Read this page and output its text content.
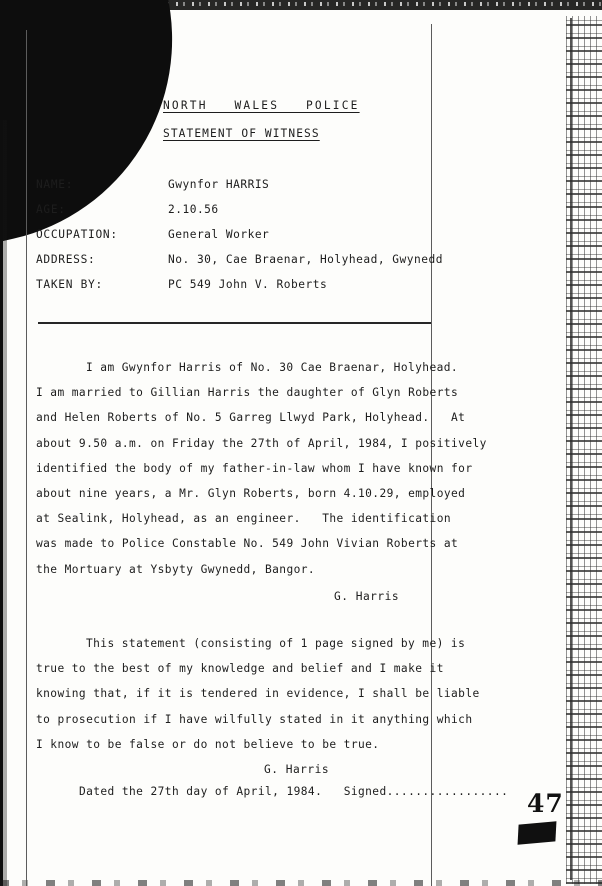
NORTH   WALES   POLICE
STATEMENT OF WITNESS
NAME:	Gwynfor HARRIS
AGE:	2.10.56
OCCUPATION:	General Worker
ADDRESS:	No. 30, Cae Braenar, Holyhead, Gwynedd
TAKEN BY:	PC 549 John V. Roberts
I am Gwynfor Harris of No. 30 Cae Braenar, Holyhead.
I am married to Gillian Harris the daughter of Glyn Roberts
and Helen Roberts of No. 5 Garreg Llwyd Park, Holyhead.   At
about 9.50 a.m. on Friday the 27th of April, 1984, I positively
identified the body of my father-in-law whom I have known for
about nine years, a Mr. Glyn Roberts, born 4.10.29, employed
at Sealink, Holyhead, as an engineer.   The identification
was made to Police Constable No. 549 John Vivian Roberts at
the Mortuary at Ysbyty Gwynedd, Bangor.
G. Harris
This statement (consisting of 1 page signed by me) is
true to the best of my knowledge and belief and I make it
knowing that, if it is tendered in evidence, I shall be liable
to prosecution if I have wilfully stated in it anything which
I know to be false or do not believe to be true.

Dated the 27th day of April, 1984.   Signed.................

G. Harris

47
